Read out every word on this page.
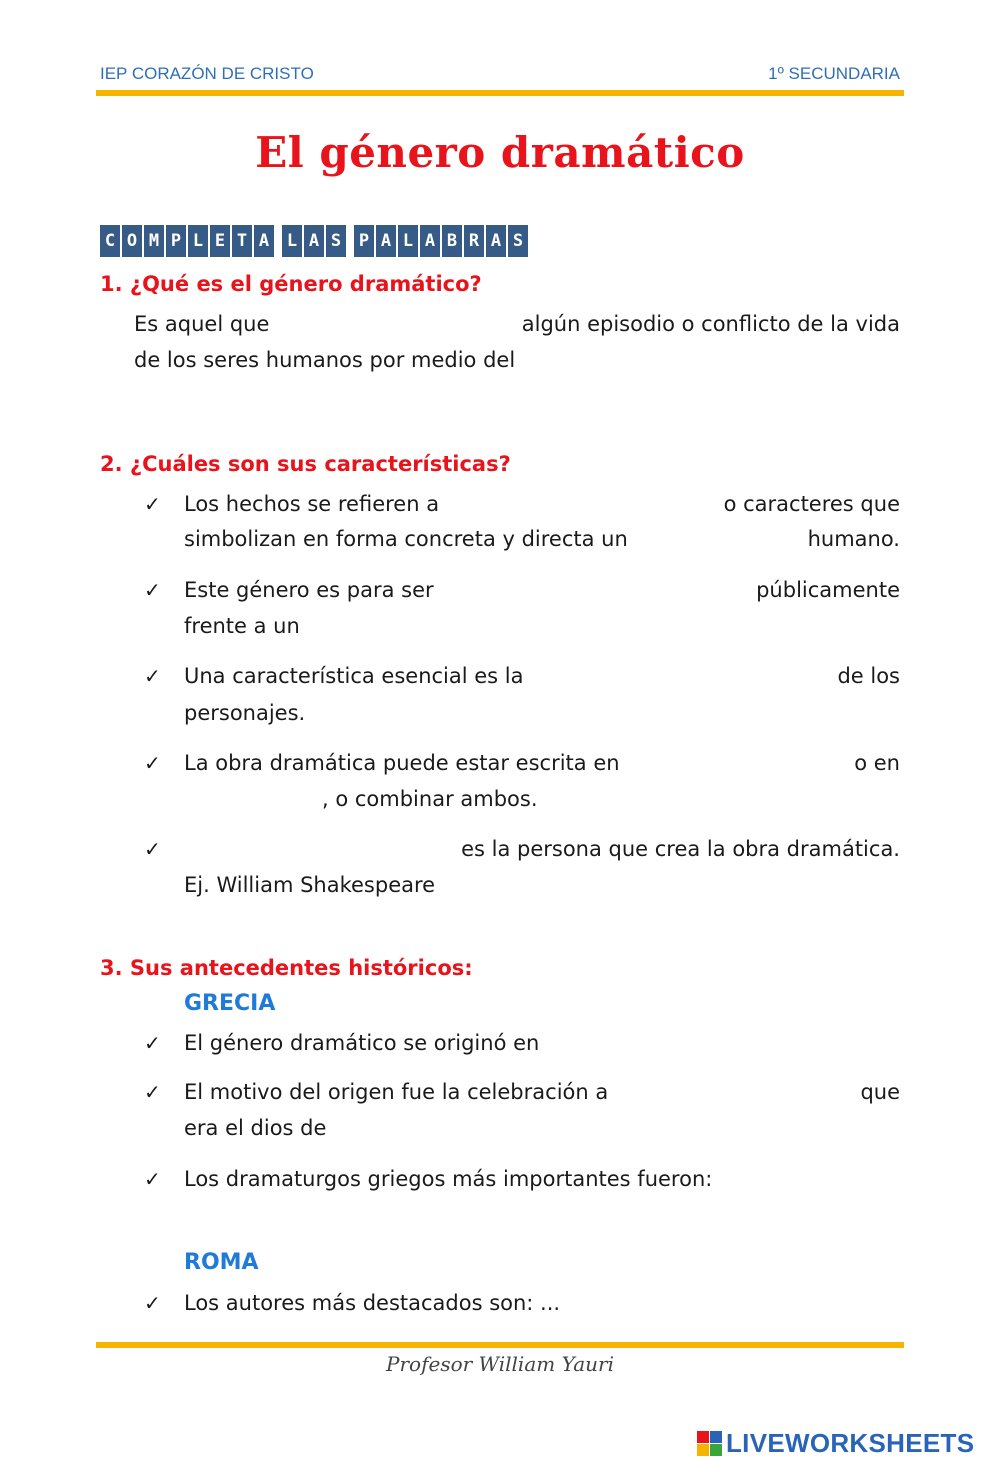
IEP CORAZÓN DE CRISTO	1º SECUNDARIA
El género dramático
C O M P L E T A L A S P A L A B R A S
1. ¿Qué es el género dramático?
Es aquel que	algún episodio o conflicto de la vida
de los seres humanos por medio del
2. ¿Cuáles son sus características?
✓ Los hechos se refieren a	o caracteres que
simbolizan en forma concreta y directa un	humano.
✓ Este género es para ser	públicamente
frente a un
✓ Una característica esencial es la	de los
personajes.
✓ La obra dramática puede estar escrita en	o en
, o combinar ambos.
✓	es la persona que crea la obra dramática.
Ej. William Shakespeare
3. Sus antecedentes históricos:
GRECIA
✓ El género dramático se originó en
✓ El motivo del origen fue la celebración a	que
era el dios de
✓ Los dramaturgos griegos más importantes fueron:
ROMA
✓ Los autores más destacados son: ...
Profesor William Yauri
LIVEWORKSHEETS
